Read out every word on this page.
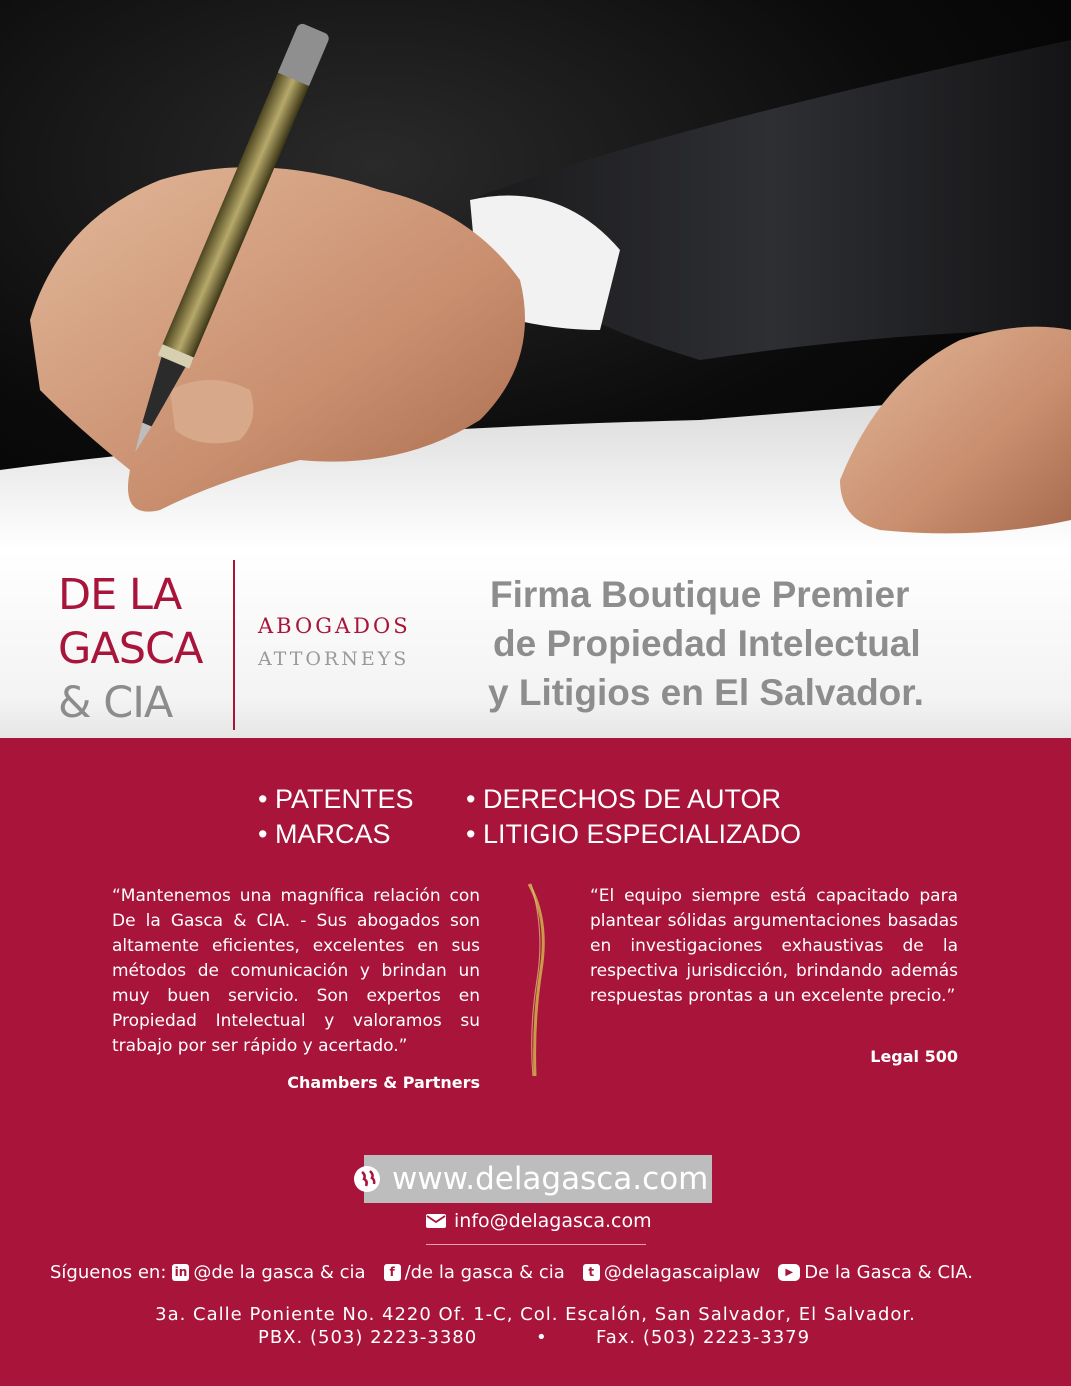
DE LA
GASCA
& CIA
ABOGADOS
ATTORNEYS
Firma Boutique Premier
de Propiedad Intelectual
y Litigios en El Salvador.
• PATENTES
• MARCAS
• DERECHOS DE AUTOR
• LITIGIO ESPECIALIZADO
“Mantenemos una magnífica relación con De la Gasca & CIA. - Sus abogados son altamente eficientes, excelentes en sus métodos de comunicación y brindan un muy buen servicio. Son expertos en Propiedad Intelectual y valoramos su trabajo por ser rápido y acertado.”
Chambers & Partners
“El equipo siempre está capacitado para plantear sólidas argumentaciones basadas en investigaciones exhaustivas de la respectiva jurisdicción, brindando además respuestas prontas a un excelente precio.”
Legal 500
www.delagasca.com
info@delagasca.com
Síguenos en: in @de la gasca & cia	f /de la gasca & cia	t @delagascaiplaw	▶ De la Gasca & CIA.
3a. Calle Poniente No. 4220 Of. 1-C, Col. Escalón, San Salvador, El Salvador.
PBX. (503) 2223-3380	•	Fax. (503) 2223-3379
